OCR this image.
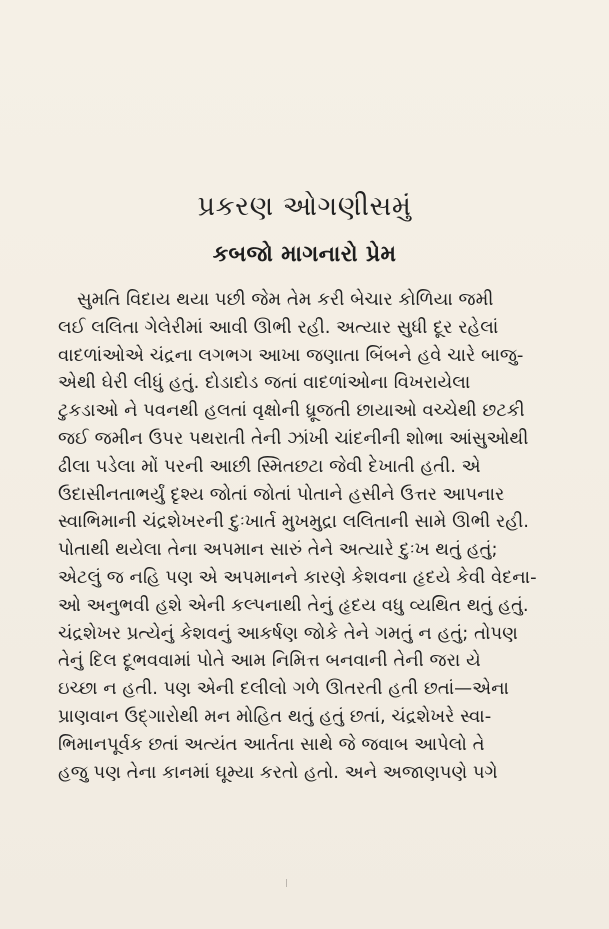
પ્રકરણ ઓગણીસમું
કબજો માગનારો પ્રેમ
સુમતિ વિદાય થયા પછી જેમ તેમ કરી બેચાર કોળિયા જમી
લઈ લલિતા ગેલેરીમાં આવી ઊભી રહી. અત્યાર સુધી દૂર રહેલાં
વાદળાંઓએ ચંદ્રના લગભગ આખા જણાતા બિંબને હવે ચારે બાજુ-
એથી ઘેરી લીધું હતું. દોડાદોડ જતાં વાદળાંઓના વિખરાયેલા
ટુકડાઓ ને પવનથી હલતાં વૃક્ષોની ધ્રૂજતી છાયાઓ વચ્ચેથી છટકી
જઈ જમીન ઉપર પથરાતી તેની ઝાંખી ચાંદનીની શોભા આંસુઓથી
ઢીલા પડેલા મોં પરની આછી સ્મિતછટા જેવી દેખાતી હતી. એ
ઉદાસીનતાભર્યું દૃશ્ય જોતાં જોતાં પોતાને હસીને ઉત્તર આપનાર
સ્વાભિમાની ચંદ્રશેખરની દુઃખાર્ત મુખમુદ્રા લલિતાની સામે ઊભી રહી.
પોતાથી થયેલા તેના અપમાન સારું તેને અત્યારે દુઃખ થતું હતું;
એટલું જ નહિ પણ એ અપમાનને કારણે કેશવના હૃદયે કેવી વેદના-
ઓ અનુભવી હશે એની કલ્પનાથી તેનું હૃદય વધુ વ્યથિત થતું હતું.
ચંદ્રશેખર પ્રત્યેનું કેશવનું આકર્ષણ જોકે તેને ગમતું ન હતું; તોપણ
તેનું દિલ દૂભવવામાં પોતે આમ નિમિત્ત બનવાની તેની જરા યે
ઇચ્છા ન હતી. પણ એની દલીલો ગળે ઊતરતી હતી છતાં—એના
પ્રાણવાન ઉદ્ગારોથી મન મોહિત થતું હતું છતાં, ચંદ્રશેખરે સ્વા-
ભિમાનપૂર્વક છતાં અત્યંત આર્તતા સાથે જે જવાબ આપેલો તે
હજુ પણ તેના કાનમાં ઘૂમ્યા કરતો હતો. અને અજાણપણે પગે
